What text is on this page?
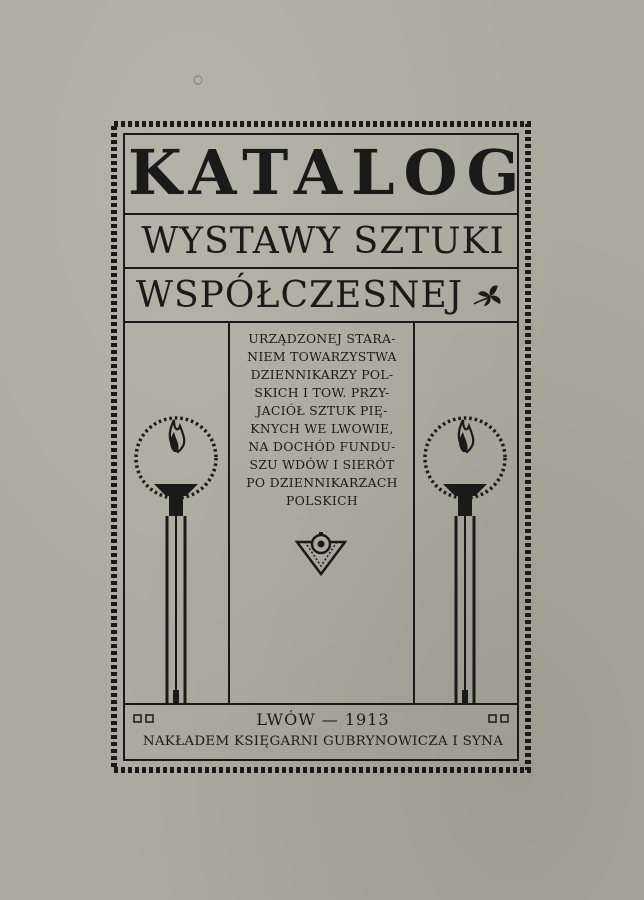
KATALOG
WYSTAWY SZTUKI
WSPÓŁCZESNEJ
URZĄDZONEJ STARA-
NIEM TOWARZYSTWA
DZIENNIKARZY POL-
SKICH I TOW. PRZY-
JACIÓŁ SZTUK PIĘ-
KNYCH WE LWOWIE,
NA DOCHÓD FUNDU-
SZU WDÓW I SIERÓT
PO DZIENNIKARZACH
POLSKICH
LWÓW — 1913
NAKŁADEM KSIĘGARNI GUBRYNOWICZA I SYNA
